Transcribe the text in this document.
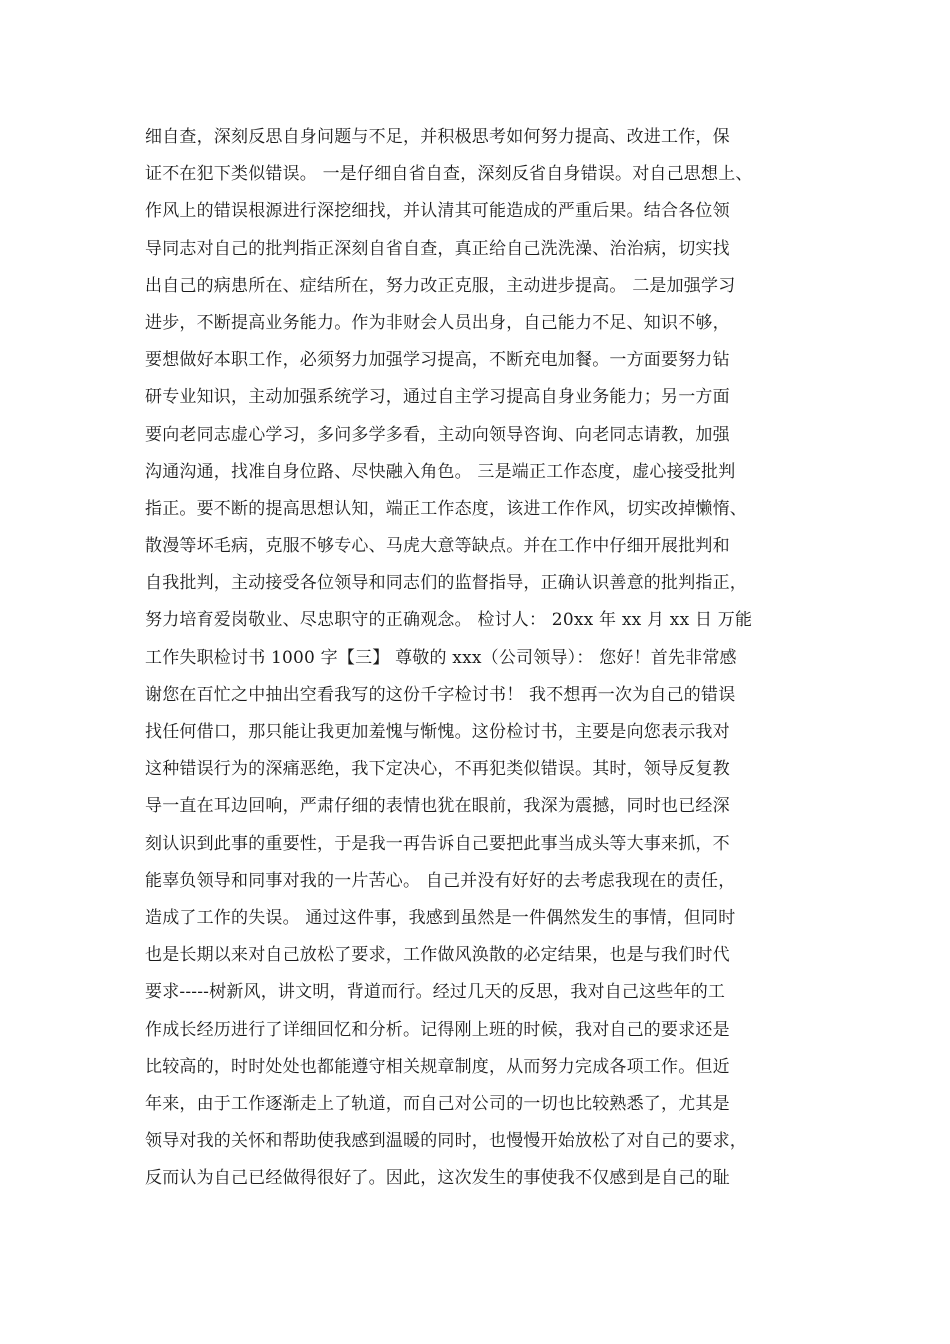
细自查，深刻反思自身问题与不足，并积极思考如何努力提高、改进工作，保
证不在犯下类似错误。 一是仔细自省自查，深刻反省自身错误。对自己思想上、
作风上的错误根源进行深挖细找，并认清其可能造成的严重后果。结合各位领
导同志对自己的批判指正深刻自省自查，真正给自己洗洗澡、治治病，切实找
出自己的病患所在、症结所在，努力改正克服，主动进步提高。 二是加强学习
进步，不断提高业务能力。作为非财会人员出身，自己能力不足、知识不够，
要想做好本职工作，必须努力加强学习提高，不断充电加餐。一方面要努力钻
研专业知识，主动加强系统学习，通过自主学习提高自身业务能力；另一方面
要向老同志虚心学习，多问多学多看，主动向领导咨询、向老同志请教，加强
沟通沟通，找准自身位路、尽快融入角色。 三是端正工作态度，虚心接受批判
指正。要不断的提高思想认知，端正工作态度，该进工作作风，切实改掉懒惰、
散漫等坏毛病，克服不够专心、马虎大意等缺点。并在工作中仔细开展批判和
自我批判，主动接受各位领导和同志们的监督指导，正确认识善意的批判指正，
努力培育爱岗敬业、尽忠职守的正确观念。 检讨人： 20xx 年 xx 月 xx 日 万能
工作失职检讨书 1000 字【三】 尊敬的 xxx（公司领导）： 您好！首先非常感
谢您在百忙之中抽出空看我写的这份千字检讨书！ 我不想再一次为自己的错误
找任何借口，那只能让我更加羞愧与惭愧。这份检讨书，主要是向您表示我对
这种错误行为的深痛恶绝，我下定决心，不再犯类似错误。其时，领导反复教
导一直在耳边回响，严肃仔细的表情也犹在眼前，我深为震撼，同时也已经深
刻认识到此事的重要性，于是我一再告诉自己要把此事当成头等大事来抓，不
能辜负领导和同事对我的一片苦心。 自己并没有好好的去考虑我现在的责任，
造成了工作的失误。 通过这件事，我感到虽然是一件偶然发生的事情，但同时
也是长期以来对自己放松了要求，工作做风涣散的必定结果，也是与我们时代
要求-----树新风，讲文明，背道而行。经过几天的反思，我对自己这些年的工
作成长经历进行了详细回忆和分析。记得刚上班的时候，我对自己的要求还是
比较高的，时时处处也都能遵守相关规章制度，从而努力完成各项工作。但近
年来，由于工作逐渐走上了轨道，而自己对公司的一切也比较熟悉了，尤其是
领导对我的关怀和帮助使我感到温暖的同时，也慢慢开始放松了对自己的要求，
反而认为自己已经做得很好了。因此，这次发生的事使我不仅感到是自己的耻
